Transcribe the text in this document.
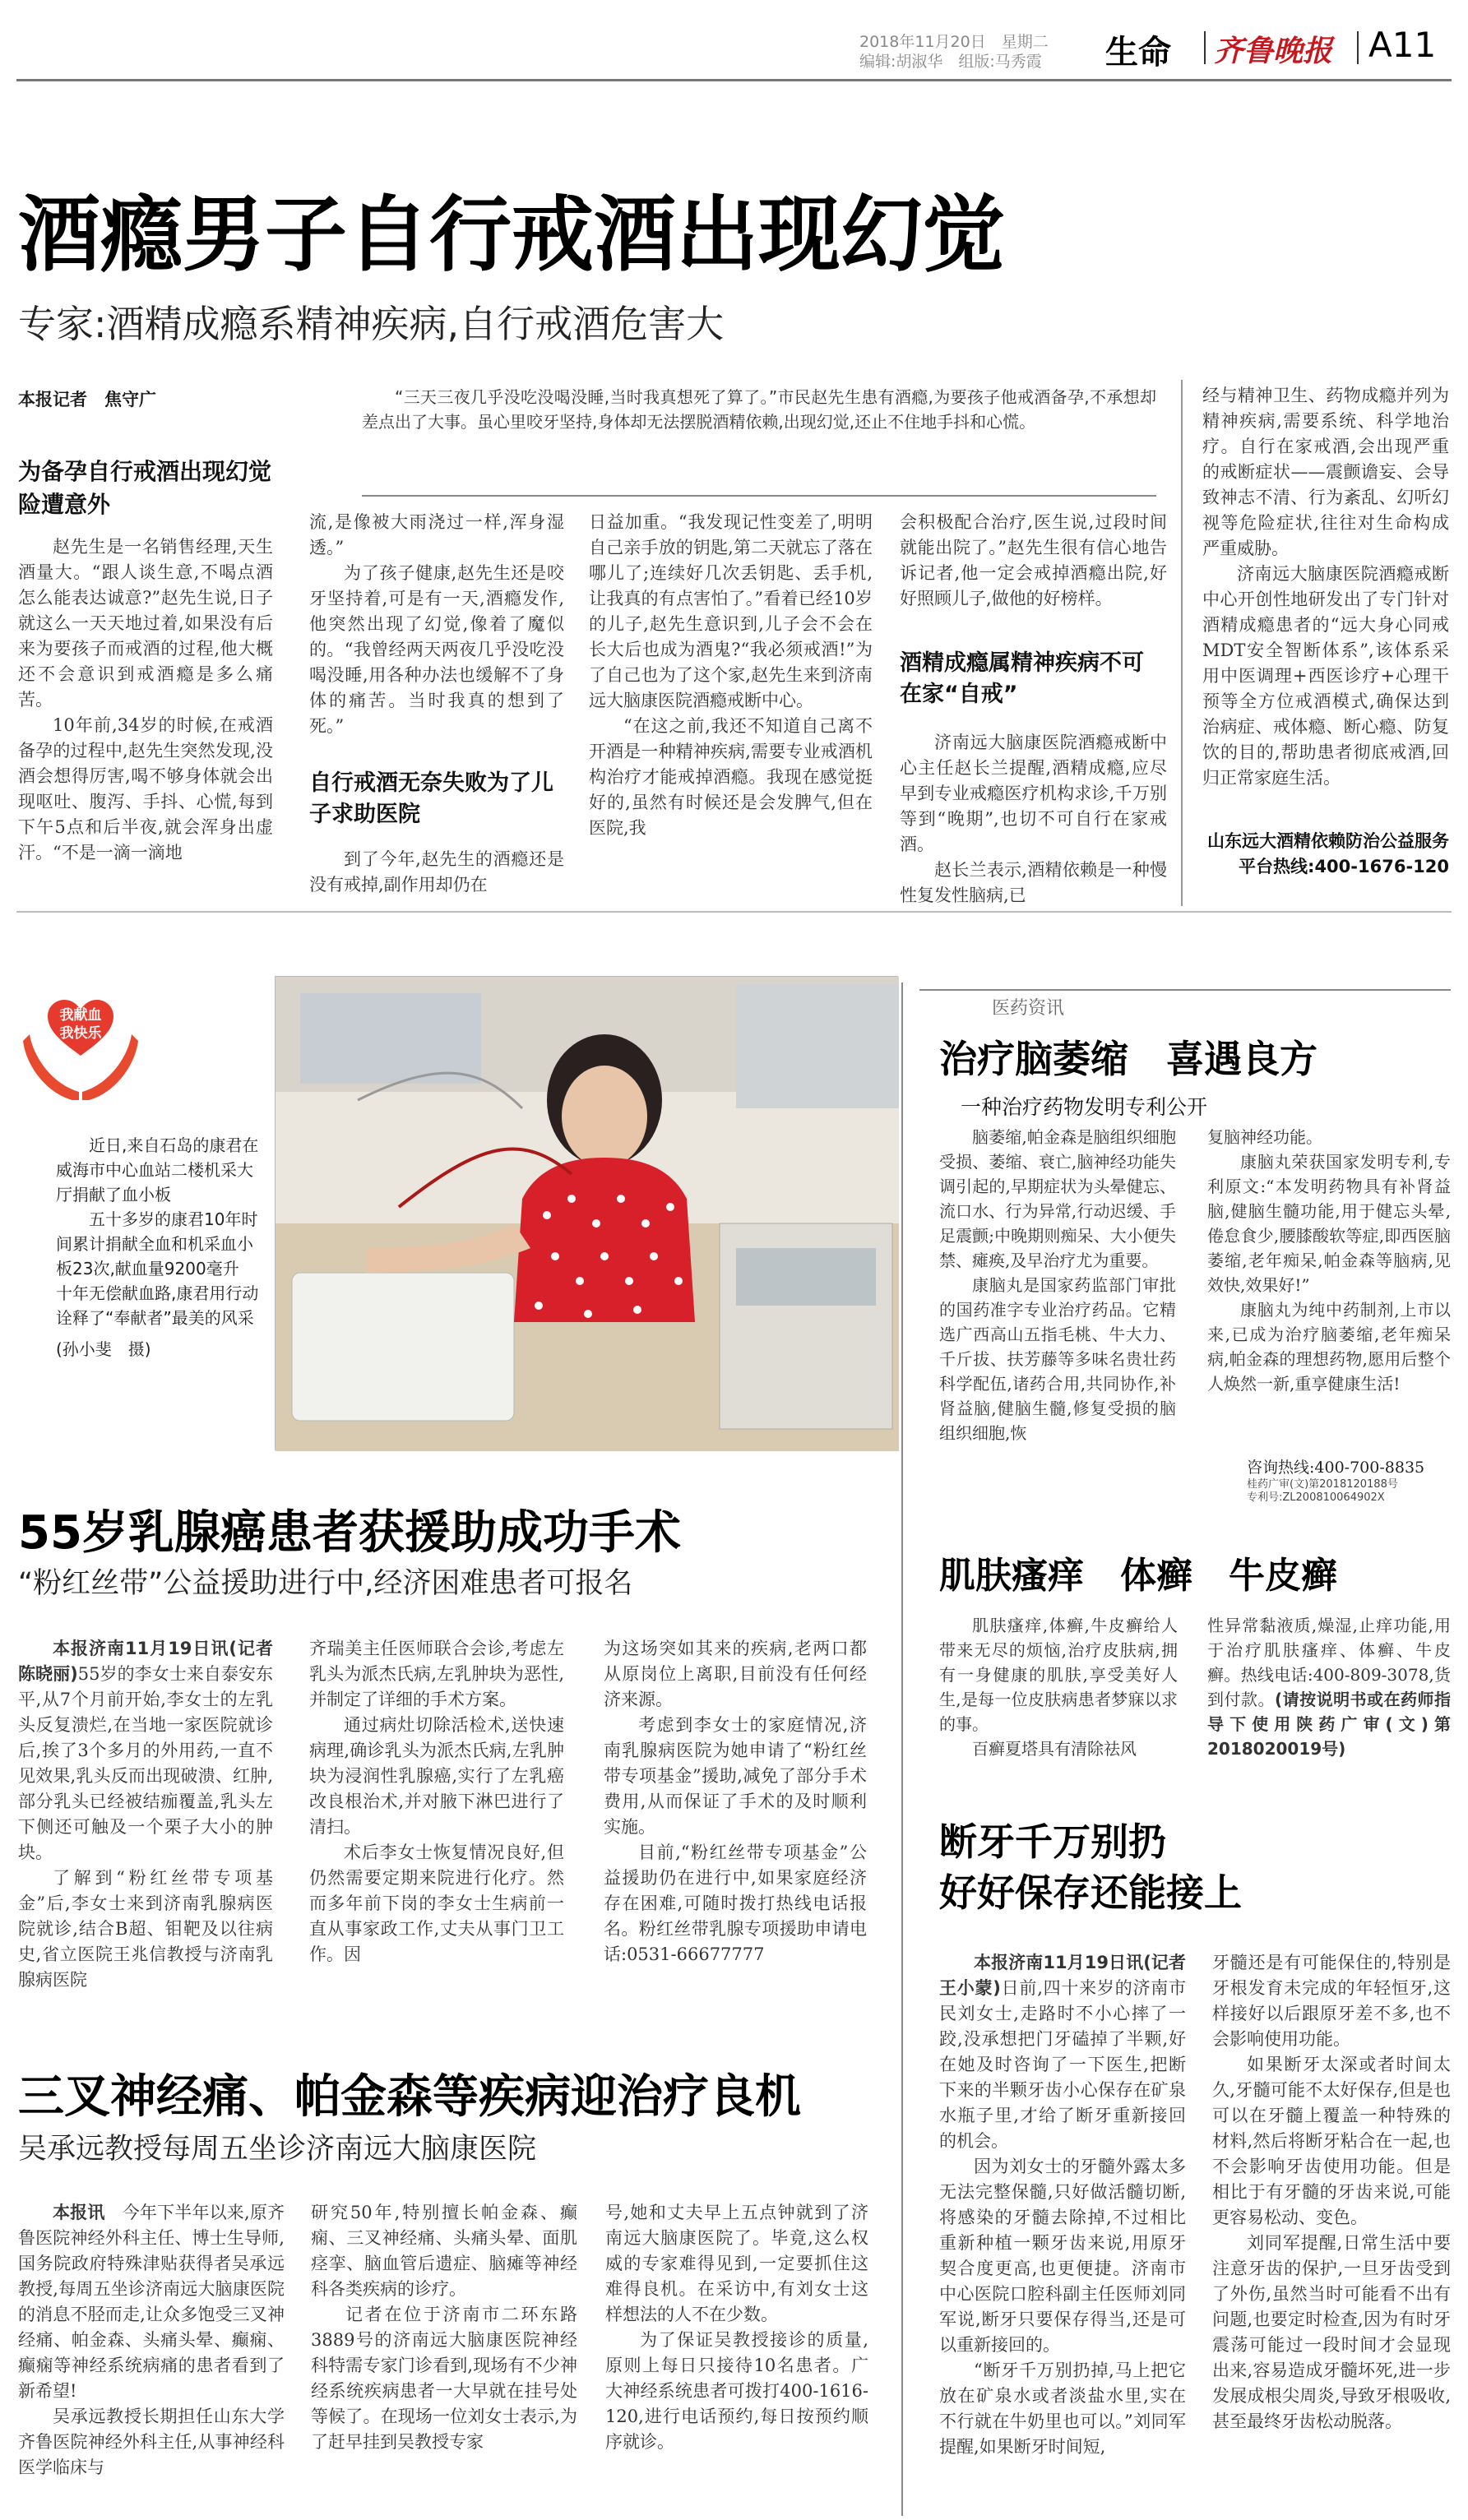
2018年11月20日　星期二
编辑:胡淑华　组版:马秀霞 生命 齐鲁晚报 A11
酒瘾男子自行戒酒出现幻觉
专家:酒精成瘾系精神疾病,自行戒酒危害大
本报记者　焦守广
为备孕自行戒酒出现幻觉险遭意外
“三天三夜几乎没吃没喝没睡,当时我真想死了算了。”市民赵先生患有酒瘾,为要孩子他戒酒备孕,不承想却差点出了大事。虽心里咬牙坚持,身体却无法摆脱酒精依赖,出现幻觉,还止不住地手抖和心慌。

赵先生是一名销售经理,天生酒量大。“跟人谈生意,不喝点酒怎么能表达诚意?”赵先生说,日子就这么一天天地过着,如果没有后来为要孩子而戒酒的过程,他大概还不会意识到戒酒瘾是多么痛苦。

10年前,34岁的时候,在戒酒备孕的过程中,赵先生突然发现,没酒会想得厉害,喝不够身体就会出现呕吐、腹泻、手抖、心慌,每到下午5点和后半夜,就会浑身出虚汗。“不是一滴一滴地

流,是像被大雨浇过一样,浑身湿透。”

为了孩子健康,赵先生还是咬牙坚持着,可是有一天,酒瘾发作,他突然出现了幻觉,像着了魔似的。“我曾经两天两夜几乎没吃没喝没睡,用各种办法也缓解不了身体的痛苦。当时我真的想到了死。”

自行戒酒无奈失败为了儿子求助医院

到了今年,赵先生的酒瘾还是没有戒掉,副作用却仍在

日益加重。“我发现记性变差了,明明自己亲手放的钥匙,第二天就忘了落在哪儿了;连续好几次丢钥匙、丢手机,让我真的有点害怕了。”看着已经10岁的儿子,赵先生意识到,儿子会不会在长大后也成为酒鬼?“我必须戒酒!”为了自己也为了这个家,赵先生来到济南远大脑康医院酒瘾戒断中心。

“在这之前,我还不知道自己离不开酒是一种精神疾病,需要专业戒酒机构治疗才能戒掉酒瘾。我现在感觉挺好的,虽然有时候还是会发脾气,但在医院,我

会积极配合治疗,医生说,过段时间就能出院了。”赵先生很有信心地告诉记者,他一定会戒掉酒瘾出院,好好照顾儿子,做他的好榜样。

酒精成瘾属精神疾病不可在家“自戒”

济南远大脑康医院酒瘾戒断中心主任赵长兰提醒,酒精成瘾,应尽早到专业戒瘾医疗机构求诊,千万别等到“晚期”,也切不可自行在家戒酒。

赵长兰表示,酒精依赖是一种慢性复发性脑病,已

经与精神卫生、药物成瘾并列为精神疾病,需要系统、科学地治疗。自行在家戒酒,会出现严重的戒断症状——震颤谵妄、会导致神志不清、行为紊乱、幻听幻视等危险症状,往往对生命构成严重威胁。

济南远大脑康医院酒瘾戒断中心开创性地研发出了专门针对酒精成瘾患者的“远大身心同戒MDT安全智断体系”,该体系采用中医调理+西医诊疗+心理干预等全方位戒酒模式,确保达到治病症、戒体瘾、断心瘾、防复饮的目的,帮助患者彻底戒酒,回归正常家庭生活。

山东远大酒精依赖防治公益服务平台热线:400-1676-120
我献血
我快乐

近日,来自石岛的康君在威海市中心血站二楼机采大厅捐献了血小板

五十多岁的康君10年时间累计捐献全血和机采血小板23次,献血量9200毫升 十年无偿献血路,康君用行动诠释了“奉献者”最美的风采

(孙小斐　摄)

医药资讯
治疗脑萎缩　喜遇良方
一种治疗药物发明专利公开

脑萎缩,帕金森是脑组织细胞受损、萎缩、衰亡,脑神经功能失调引起的,早期症状为头晕健忘、流口水、行为异常,行动迟缓、手足震颤;中晚期则痴呆、大小便失禁、瘫痪,及早治疗尤为重要。

康脑丸是国家药监部门审批的国药准字专业治疗药品。它精选广西高山五指毛桃、牛大力、千斤拔、扶芳藤等多味名贵壮药科学配伍,诸药合用,共同协作,补肾益脑,健脑生髓,修复受损的脑组织细胞,恢

复脑神经功能。

康脑丸荣获国家发明专利,专利原文:“本发明药物具有补肾益脑,健脑生髓功能,用于健忘头晕,倦怠食少,腰膝酸软等症,即西医脑萎缩,老年痴呆,帕金森等脑病,见效快,效果好!”

康脑丸为纯中药制剂,上市以来,已成为治疗脑萎缩,老年痴呆病,帕金森的理想药物,愿用后整个人焕然一新,重享健康生活!

咨询热线:400-700-8835
桂药广审(文)第2018120188号
专利号:ZL200810064902X
55岁乳腺癌患者获援助成功手术
“粉红丝带”公益援助进行中,经济困难患者可报名

本报济南11月19日讯(记者　陈晓丽)55岁的李女士来自泰安东平,从7个月前开始,李女士的左乳头反复溃烂,在当地一家医院就诊后,挨了3个多月的外用药,一直不见效果,乳头反而出现破溃、红肿,部分乳头已经被结痂覆盖,乳头左下侧还可触及一个栗子大小的肿块。

了解到“粉红丝带专项基金”后,李女士来到济南乳腺病医院就诊,结合B超、钼靶及以往病史,省立医院王兆信教授与济南乳腺病医院

齐瑞美主任医师联合会诊,考虑左乳头为派杰氏病,左乳肿块为恶性,并制定了详细的手术方案。

通过病灶切除活检术,送快速病理,确诊乳头为派杰氏病,左乳肿块为浸润性乳腺癌,实行了左乳癌改良根治术,并对腋下淋巴进行了清扫。

术后李女士恢复情况良好,但仍然需要定期来院进行化疗。然而多年前下岗的李女士生病前一直从事家政工作,丈夫从事门卫工作。因

为这场突如其来的疾病,老两口都从原岗位上离职,目前没有任何经济来源。

考虑到李女士的家庭情况,济南乳腺病医院为她申请了“粉红丝带专项基金”援助,减免了部分手术费用,从而保证了手术的及时顺利实施。

目前,“粉红丝带专项基金”公益援助仍在进行中,如果家庭经济存在困难,可随时拨打热线电话报名。粉红丝带乳腺专项援助申请电话:0531-66677777

肌肤瘙痒　体癣　牛皮癣

肌肤瘙痒,体癣,牛皮癣给人带来无尽的烦恼,治疗皮肤病,拥有一身健康的肌肤,享受美好人生,是每一位皮肤病患者梦寐以求的事。

百癣夏塔具有清除祛风

性异常黏液质,燥湿,止痒功能,用于治疗肌肤瘙痒、体癣、牛皮癣。热线电话:400-809-3078,货到付款。(请按说明书或在药师指导下使用陕药广审(文)第2018020019号)

断牙千万别扔
好好保存还能接上

本报济南11月19日讯(记者　王小蒙)日前,四十来岁的济南市民刘女士,走路时不小心摔了一跤,没承想把门牙磕掉了半颗,好在她及时咨询了一下医生,把断下来的半颗牙齿小心保存在矿泉水瓶子里,才给了断牙重新接回的机会。

因为刘女士的牙髓外露太多无法完整保髓,只好做活髓切断,将感染的牙髓去除掉,不过相比重新种植一颗牙齿来说,用原牙契合度更高,也更便捷。济南市中心医院口腔科副主任医师刘同军说,断牙只要保存得当,还是可以重新接回的。

“断牙千万别扔掉,马上把它放在矿泉水或者淡盐水里,实在不行就在牛奶里也可以。”刘同军提醒,如果断牙时间短,

牙髓还是有可能保住的,特别是牙根发育未完成的年轻恒牙,这样接好以后跟原牙差不多,也不会影响使用功能。

如果断牙太深或者时间太久,牙髓可能不太好保存,但是也可以在牙髓上覆盖一种特殊的材料,然后将断牙粘合在一起,也不会影响牙齿使用功能。但是相比于有牙髓的牙齿来说,可能更容易松动、变色。

刘同军提醒,日常生活中要注意牙齿的保护,一旦牙齿受到了外伤,虽然当时可能看不出有问题,也要定时检查,因为有时牙震荡可能过一段时间才会显现出来,容易造成牙髓坏死,进一步发展成根尖周炎,导致牙根吸收,甚至最终牙齿松动脱落。

三叉神经痛、帕金森等疾病迎治疗良机
吴承远教授每周五坐诊济南远大脑康医院

本报讯　 今年下半年以来,原齐鲁医院神经外科主任、博士生导师,国务院政府特殊津贴获得者吴承远教授,每周五坐诊济南远大脑康医院的消息不胫而走,让众多饱受三叉神经痛、帕金森、头痛头晕、癫痫、癫痫等神经系统病痛的患者看到了新希望!

吴承远教授长期担任山东大学齐鲁医院神经外科主任,从事神经科医学临床与

研究50年,特别擅长帕金森、癫痫、三叉神经痛、头痛头晕、面肌痉挛、脑血管后遗症、脑瘫等神经科各类疾病的诊疗。

记者在位于济南市二环东路3889号的济南远大脑康医院神经科特需专家门诊看到,现场有不少神经系统疾病患者一大早就在挂号处等候了。在现场一位刘女士表示,为了赶早挂到吴教授专家

号,她和丈夫早上五点钟就到了济南远大脑康医院了。毕竟,这么权威的专家难得见到,一定要抓住这难得良机。在采访中,有刘女士这样想法的人不在少数。

为了保证吴教授接诊的质量,原则上每日只接待10名患者。广大神经系统患者可拨打400-1616-120,进行电话预约,每日按预约顺序就诊。
